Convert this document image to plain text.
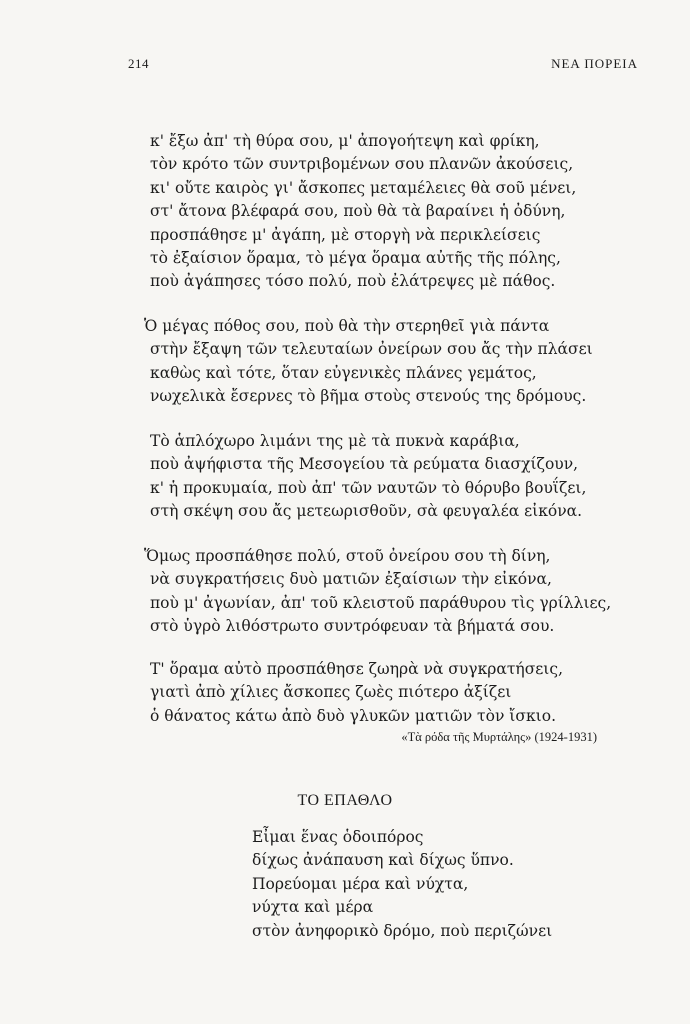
214	ΝΕΑ ΠΟΡΕΙΑ
κ' ἔξω ἀπ' τὴ θύρα σου, μ' ἀπογοήτεψη καὶ φρίκη,
τὸν κρότο τῶν συντριβομένων σου πλανῶν ἀκούσεις,
κι' οὔτε καιρὸς γι' ἄσκοπες μεταμέλειες θὰ σοῦ μένει,
στ' ἄτονα βλέφαρά σου, ποὺ θὰ τὰ βαραίνει ἡ ὀδύνη,
προσπάθησε μ' ἀγάπη, μὲ στοργὴ νὰ περικλείσεις
τὸ ἐξαίσιον ὅραμα, τὸ μέγα ὅραμα αὐτῆς τῆς πόλης,
ποὺ ἀγάπησες τόσο πολύ, ποὺ ἐλάτρεψες μὲ πάθος.
Ὁ μέγας πόθος σου, ποὺ θὰ τὴν στερηθεῖ γιὰ πάντα
στὴν ἔξαψη τῶν τελευταίων ὀνείρων σου ἄς τὴν πλάσει
καθὼς καὶ τότε, ὅταν εὐγενικὲς πλάνες γεμάτος,
νωχελικὰ ἔσερνες τὸ βῆμα στοὺς στενούς της δρόμους.
Τὸ ἁπλόχωρο λιμάνι της μὲ τὰ πυκνὰ καράβια,
ποὺ ἀψήφιστα τῆς Μεσογείου τὰ ρεύματα διασχίζουν,
κ' ἡ προκυμαία, ποὺ ἀπ' τῶν ναυτῶν τὸ θόρυβο βουΐζει,
στὴ σκέψη σου ἄς μετεωρισθοῦν, σὰ φευγαλέα εἰκόνα.
Ὅμως προσπάθησε πολύ, στοῦ ὀνείρου σου τὴ δίνη,
νὰ συγκρατήσεις δυὸ ματιῶν ἐξαίσιων τὴν εἰκόνα,
ποὺ μ' ἀγωνίαν, ἀπ' τοῦ κλειστοῦ παράθυρου τὶς γρίλλιες,
στὸ ὑγρὸ λιθόστρωτο συντρόφευαν τὰ βήματά σου.
Τ' ὅραμα αὐτὸ προσπάθησε ζωηρὰ νὰ συγκρατήσεις,
γιατὶ ἀπὸ χίλιες ἄσκοπες ζωὲς πιότερο ἀξίζει
ὁ θάνατος κάτω ἀπὸ δυὸ γλυκῶν ματιῶν τὸν ἴσκιο.
«Τὰ ρόδα τῆς Μυρτάλης» (1924-1931)
ΤΟ ΕΠΑΘΛΟ
Εἶμαι ἕνας ὁδοιπόρος
δίχως ἀνάπαυση καὶ δίχως ὕπνο.
Πορεύομαι μέρα καὶ νύχτα,
νύχτα καὶ μέρα
στὸν ἀνηφορικὸ δρόμο, ποὺ περιζώνει
